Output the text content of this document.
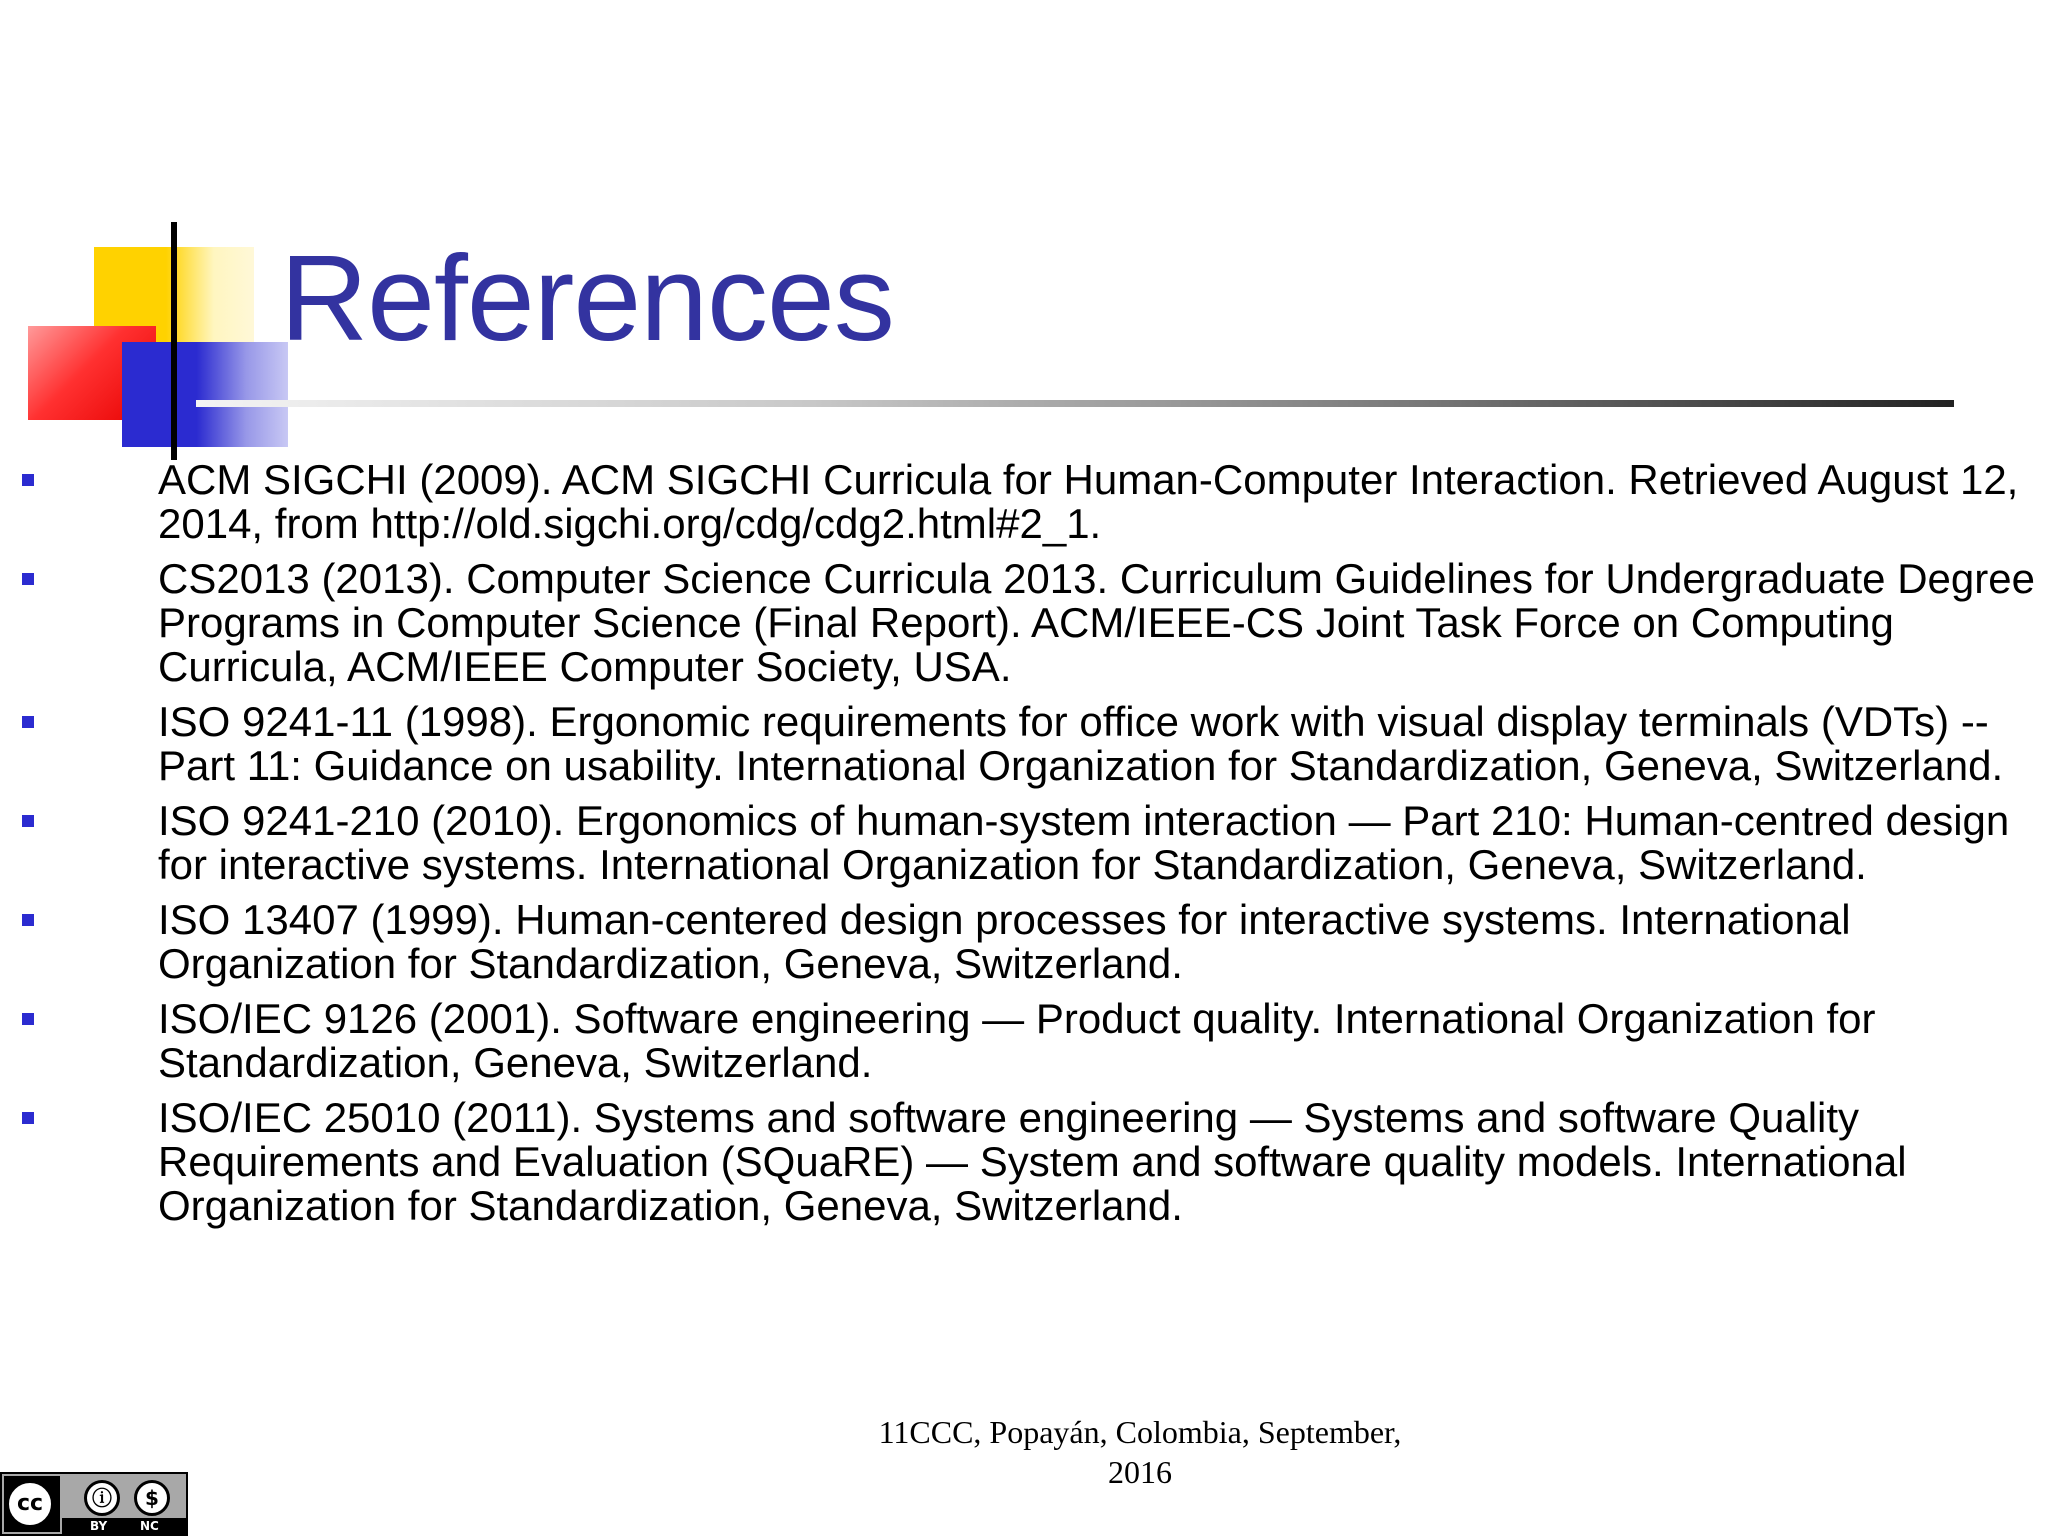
References
ACM SIGCHI (2009). ACM SIGCHI Curricula for Human-Computer Interaction. Retrieved August 12, 2014, from http://old.sigchi.org/cdg/cdg2.html#2_1.
CS2013 (2013). Computer Science Curricula 2013. Curriculum Guidelines for Undergraduate Degree Programs in Computer Science (Final Report). ACM/IEEE-CS Joint Task Force on Computing Curricula, ACM/IEEE Computer Society, USA.
ISO 9241-11 (1998). Ergonomic requirements for office work with visual display terminals (VDTs) -- Part 11: Guidance on usability. International Organization for Standardization, Geneva, Switzerland.
ISO 9241-210 (2010). Ergonomics of human-system interaction — Part 210: Human-centred design for interactive systems. International Organization for Standardization, Geneva, Switzerland.
ISO 13407 (1999). Human-centered design processes for interactive systems. International Organization for Standardization, Geneva, Switzerland.
ISO/IEC 9126 (2001). Software engineering — Product quality. International Organization for Standardization, Geneva, Switzerland.
ISO/IEC 25010 (2011). Systems and software engineering — Systems and software Quality Requirements and Evaluation (SQuaRE) — System and software quality models. International Organization for Standardization, Geneva, Switzerland.
11CCC, Popayán, Colombia, September,
2016
cc	ⓘ	$
BY	NC
